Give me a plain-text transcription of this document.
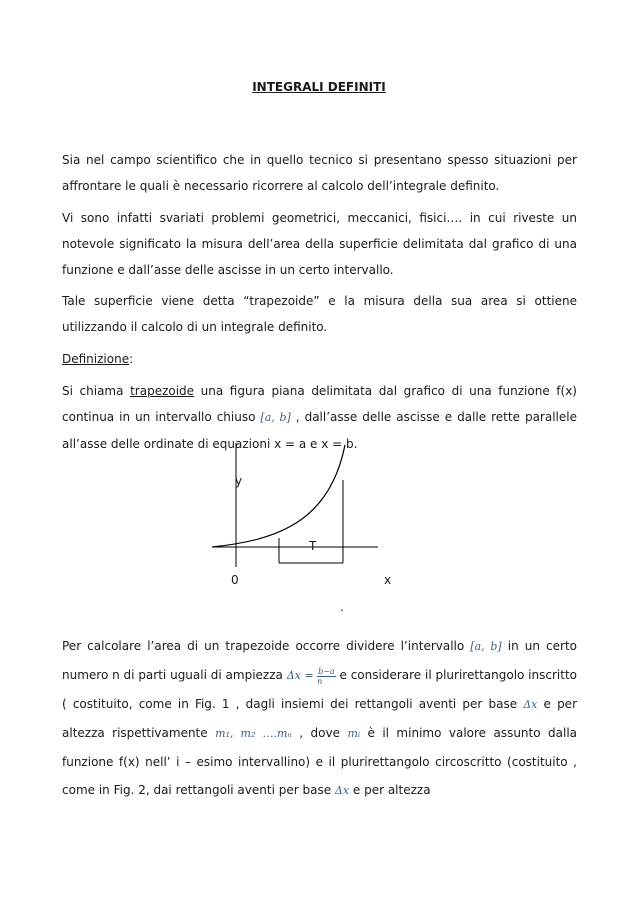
INTEGRALI DEFINITI

Sia nel campo scientifico che in quello tecnico si presentano spesso situazioni per affrontare le quali è necessario ricorrere al calcolo dell’integrale definito.

Vi sono infatti svariati problemi geometrici, meccanici, fisici…. in cui riveste un notevole significato la misura dell’area della superficie delimitata dal grafico di una funzione e dall’asse delle ascisse in un certo intervallo.

Tale superficie viene detta “trapezoide” e la misura della sua area si ottiene utilizzando il calcolo di un integrale definito.

Definizione:

Si chiama trapezoide una figura piana delimitata dal grafico di una funzione f(x) continua in un intervallo chiuso [a, b] , dall’asse delle ascisse e dalle rette parallele all’asse delle ordinate di equazioni x = a e x = b.

y
T
0	x
.

Per calcolare l’area di un trapezoide occorre dividere l’intervallo [a, b] in un certo numero n di parti uguali di ampiezza $\Delta x = \frac{b-a}{n}$ e considerare il plurirettangolo inscritto ( costituito, come in Fig. 1 , dagli insiemi dei rettangoli aventi per base Δx e per altezza rispettivamente m₁, m₂ ….mₙ , dove mᵢ è il minimo valore assunto dalla funzione f(x) nell’ i – esimo intervallino) e il plurirettangolo circoscritto (costituito , come in Fig. 2, dai rettangoli aventi per base Δx e per altezza
